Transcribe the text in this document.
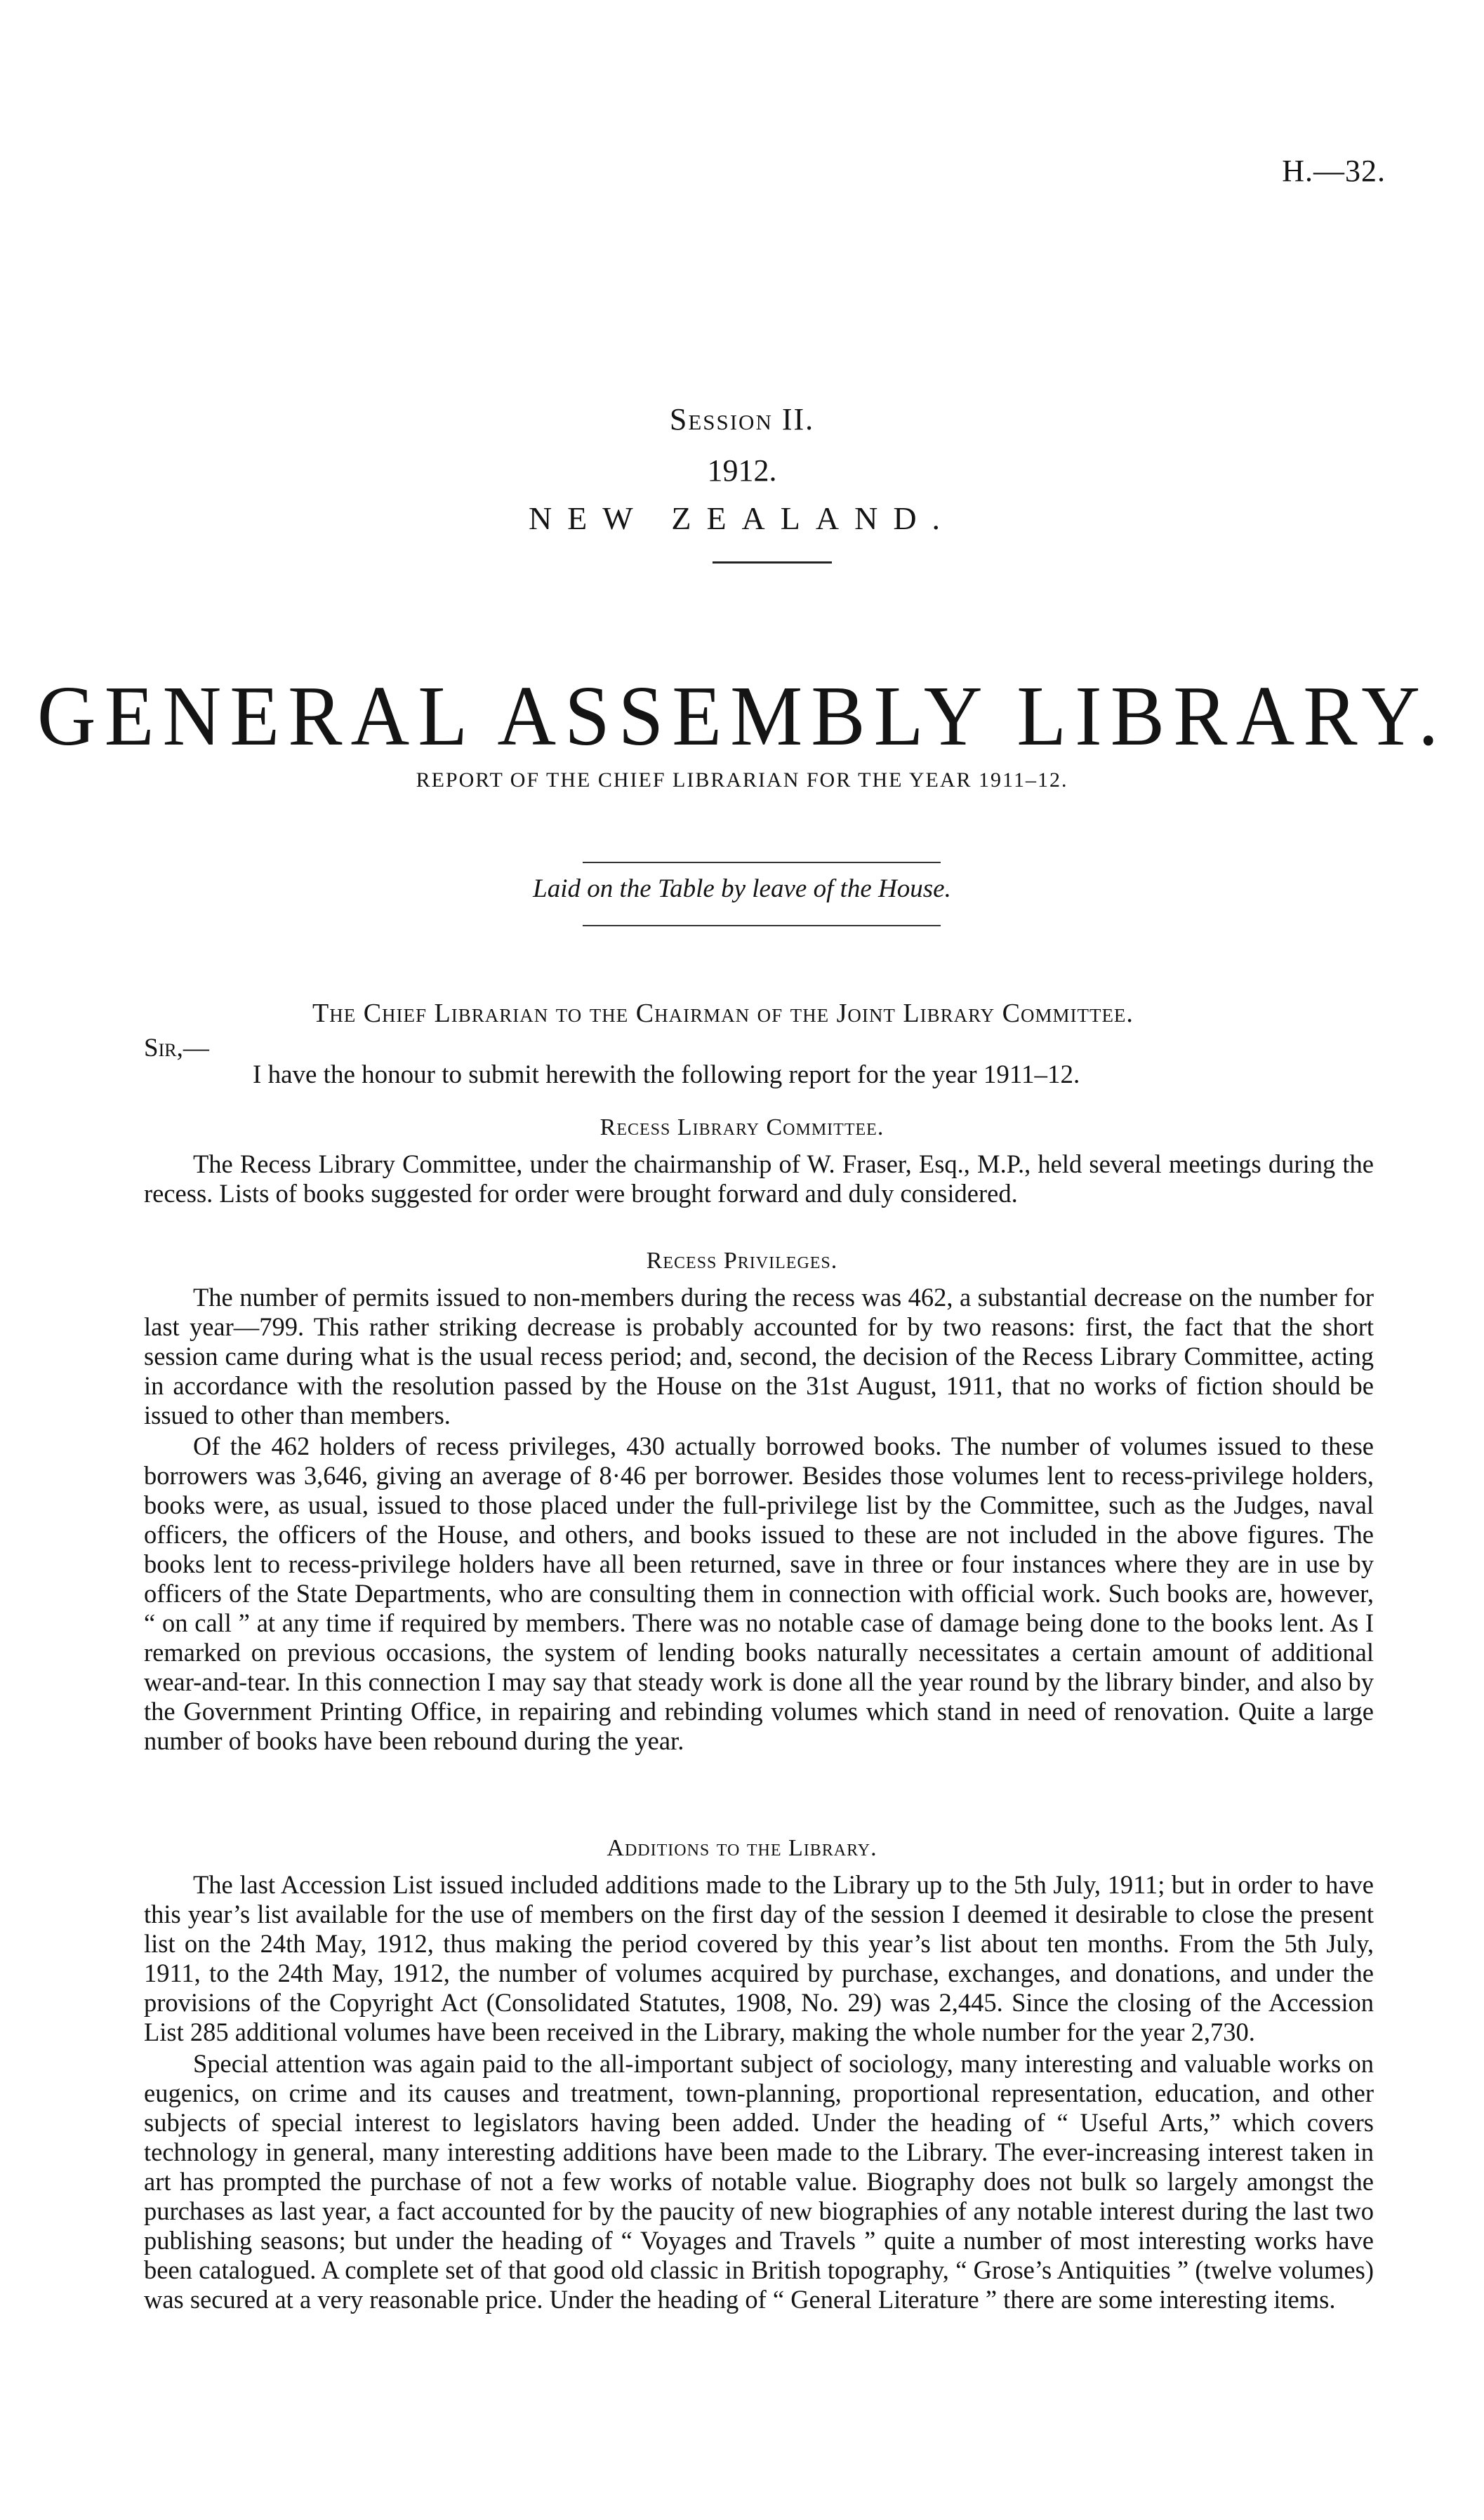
H.—32.
Session II.
1912.
NEW ZEALAND.
GENERAL ASSEMBLY LIBRARY.
REPORT OF THE CHIEF LIBRARIAN FOR THE YEAR 1911–12.
Laid on the Table by leave of the House.
The Chief Librarian to the Chairman of the Joint Library Committee.
Sir,—
I have the honour to submit herewith the following report for the year 1911–12.
Recess Library Committee.

The Recess Library Committee, under the chairmanship of W. Fraser, Esq., M.P., held several meetings during the recess. Lists of books suggested for order were brought forward and duly considered.

Recess Privileges.

The number of permits issued to non-members during the recess was 462, a substantial decrease on the number for last year—799. This rather striking decrease is probably accounted for by two reasons: first, the fact that the short session came during what is the usual recess period; and, second, the decision of the Recess Library Committee, acting in accordance with the resolution passed by the House on the 31st August, 1911, that no works of fiction should be issued to other than members.

Of the 462 holders of recess privileges, 430 actually borrowed books. The number of volumes issued to these borrowers was 3,646, giving an average of 8·46 per borrower. Besides those volumes lent to recess-privilege holders, books were, as usual, issued to those placed under the full-privilege list by the Committee, such as the Judges, naval officers, the officers of the House, and others, and books issued to these are not included in the above figures. The books lent to recess-privilege holders have all been returned, save in three or four instances where they are in use by officers of the State Departments, who are consulting them in connection with official work. Such books are, however, “ on call ” at any time if required by members. There was no notable case of damage being done to the books lent. As I remarked on previous occasions, the system of lending books naturally necessitates a certain amount of additional wear-and-tear. In this connection I may say that steady work is done all the year round by the library binder, and also by the Government Printing Office, in repairing and rebinding volumes which stand in need of renovation. Quite a large number of books have been rebound during the year.

Additions to the Library.

The last Accession List issued included additions made to the Library up to the 5th July, 1911; but in order to have this year’s list available for the use of members on the first day of the session I deemed it desirable to close the present list on the 24th May, 1912, thus making the period covered by this year’s list about ten months. From the 5th July, 1911, to the 24th May, 1912, the number of volumes acquired by purchase, exchanges, and donations, and under the provisions of the Copyright Act (Consolidated Statutes, 1908, No. 29) was 2,445. Since the closing of the Accession List 285 additional volumes have been received in the Library, making the whole number for the year 2,730.

Special attention was again paid to the all-important subject of sociology, many interesting and valuable works on eugenics, on crime and its causes and treatment, town-planning, proportional representation, education, and other subjects of special interest to legislators having been added. Under the heading of “ Useful Arts,” which covers technology in general, many interesting additions have been made to the Library. The ever-increasing interest taken in art has prompted the purchase of not a few works of notable value. Biography does not bulk so largely amongst the purchases as last year, a fact accounted for by the paucity of new biographies of any notable interest during the last two publishing seasons; but under the heading of “ Voyages and Travels ” quite a number of most interesting works have been catalogued. A complete set of that good old classic in British topography, “ Grose’s Antiquities ” (twelve volumes) was secured at a very reasonable price. Under the heading of “ General Literature ” there are some interesting items.
